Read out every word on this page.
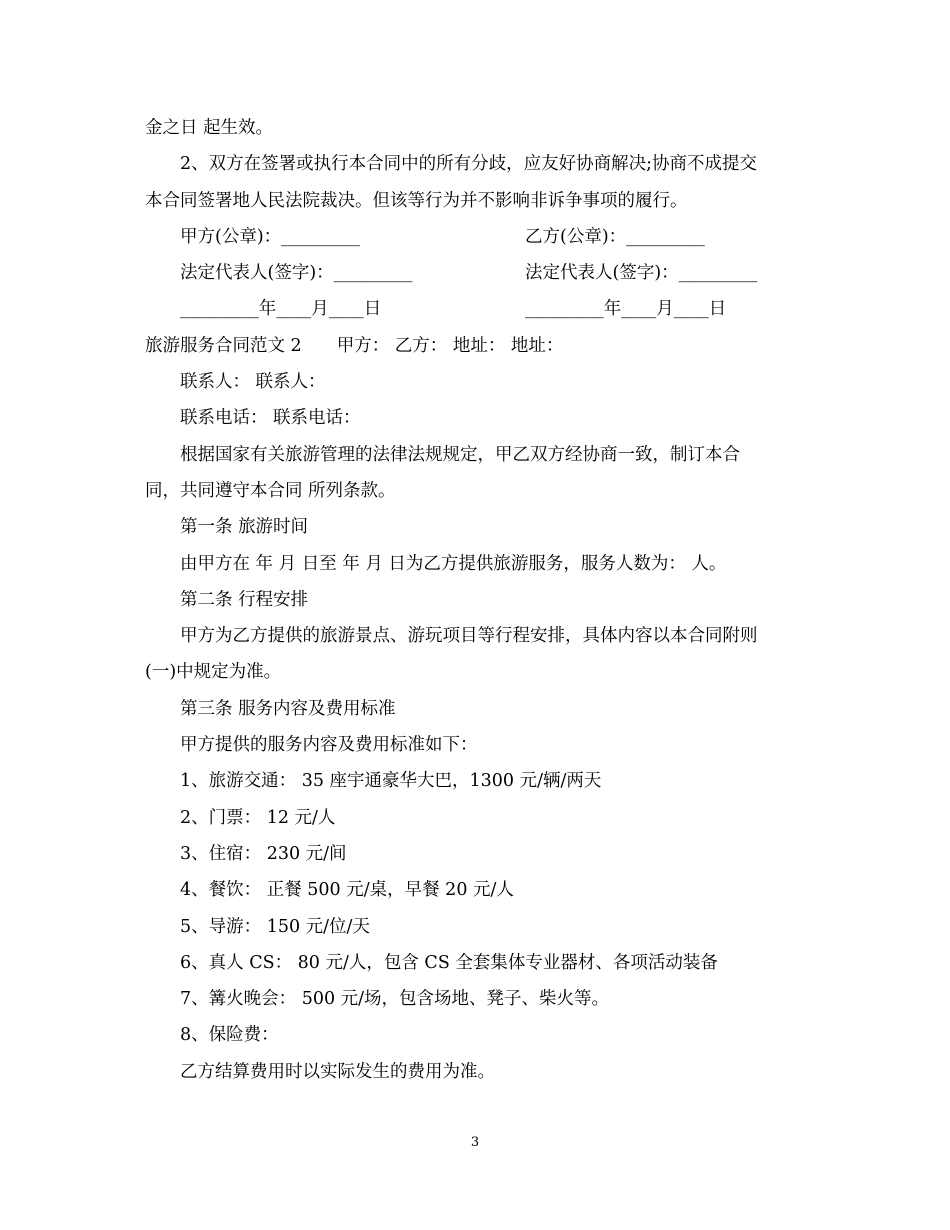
金之日 起生效。
2、双方在签署或执行本合同中的所有分歧，应友好协商解决;协商不成提交
本合同签署地人民法院裁决。但该等行为并不影响非诉争事项的履行。
甲方(公章)：_________	乙方(公章)：_________
法定代表人(签字)：_________	法定代表人(签字)：_________
_________年____月____日	_________年____月____日
旅游服务合同范文 2　　甲方： 乙方： 地址： 地址：
联系人： 联系人：
联系电话： 联系电话：
根据国家有关旅游管理的法律法规规定，甲乙双方经协商一致，制订本合
同，共同遵守本合同 所列条款。
第一条 旅游时间
由甲方在 年 月 日至 年 月 日为乙方提供旅游服务，服务人数为： 人。
第二条 行程安排
甲方为乙方提供的旅游景点、游玩项目等行程安排，具体内容以本合同附则
(一)中规定为准。
第三条 服务内容及费用标准
甲方提供的服务内容及费用标准如下：
1、旅游交通： 35 座宇通豪华大巴，1300 元/辆/两天
2、门票： 12 元/人
3、住宿： 230 元/间
4、餐饮： 正餐 500 元/桌，早餐 20 元/人
5、导游： 150 元/位/天
6、真人 CS： 80 元/人，包含 CS 全套集体专业器材、各项活动装备
7、篝火晚会： 500 元/场，包含场地、凳子、柴火等。
8、保险费：
乙方结算费用时以实际发生的费用为准。
3
